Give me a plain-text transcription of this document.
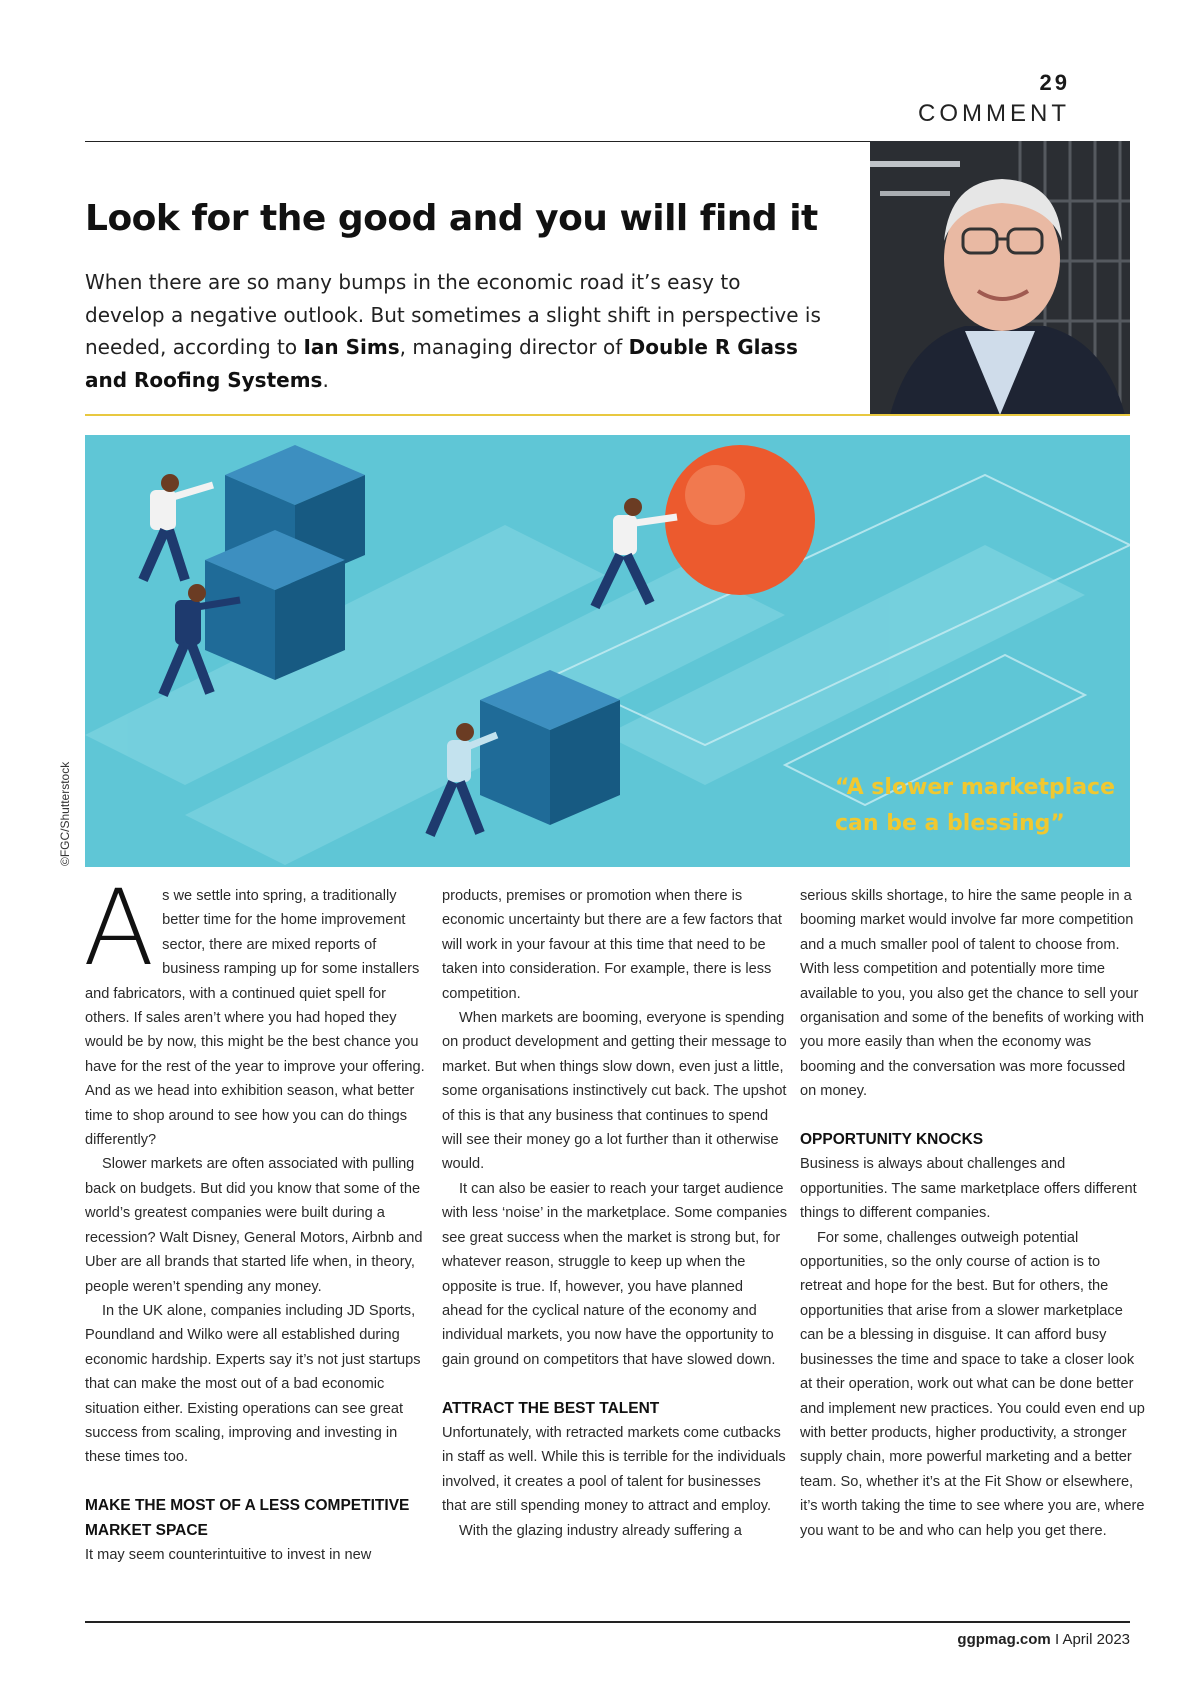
29
COMMENT
Look for the good and you will find it

When there are so many bumps in the economic road it’s easy to develop a negative outlook. But sometimes a slight shift in perspective is needed, according to Ian Sims, managing director of Double R Glass and Roofing Systems.

“A slower marketplace
can be a blessing”
©FGC/Shutterstock
A s we settle into spring, a traditionally better time for the home improvement sector, there are mixed reports of business ramping up for some installers and fabricators, with a continued quiet spell for others. If sales aren’t where you had hoped they would be by now, this might be the best chance you have for the rest of the year to improve your offering. And as we head into exhibition season, what better time to shop around to see how you can do things differently?

Slower markets are often associated with pulling back on budgets. But did you know that some of the world’s greatest companies were built during a recession? Walt Disney, General Motors, Airbnb and Uber are all brands that started life when, in theory, people weren’t spending any money.

In the UK alone, companies including JD Sports, Poundland and Wilko were all established during economic hardship. Experts say it’s not just startups that can make the most out of a bad economic situation either. Existing operations can see great success from scaling, improving and investing in these times too.

MAKE THE MOST OF A LESS COMPETITIVE MARKET SPACE

It may seem counterintuitive to invest in new

products, premises or promotion when there is economic uncertainty but there are a few factors that will work in your favour at this time that need to be taken into consideration. For example, there is less competition.

When markets are booming, everyone is spending on product development and getting their message to market. But when things slow down, even just a little, some organisations instinctively cut back. The upshot of this is that any business that continues to spend will see their money go a lot further than it otherwise would.

It can also be easier to reach your target audience with less ‘noise’ in the marketplace. Some companies see great success when the market is strong but, for whatever reason, struggle to keep up when the opposite is true. If, however, you have planned ahead for the cyclical nature of the economy and individual markets, you now have the opportunity to gain ground on competitors that have slowed down.

ATTRACT THE BEST TALENT

Unfortunately, with retracted markets come cutbacks in staff as well. While this is terrible for the individuals involved, it creates a pool of talent for businesses that are still spending money to attract and employ.

With the glazing industry already suffering a

serious skills shortage, to hire the same people in a booming market would involve far more competition and a much smaller pool of talent to choose from. With less competition and potentially more time available to you, you also get the chance to sell your organisation and some of the benefits of working with you more easily than when the economy was booming and the conversation was more focussed on money.

OPPORTUNITY KNOCKS

Business is always about challenges and opportunities. The same marketplace offers different things to different companies.

For some, challenges outweigh potential opportunities, so the only course of action is to retreat and hope for the best. But for others, the opportunities that arise from a slower marketplace can be a blessing in disguise. It can afford busy businesses the time and space to take a closer look at their operation, work out what can be done better and implement new practices. You could even end up with better products, higher productivity, a stronger supply chain, more powerful marketing and a better team. So, whether it’s at the Fit Show or elsewhere, it’s worth taking the time to see where you are, where you want to be and who can help you get there.

ggpmag.com I April 2023
